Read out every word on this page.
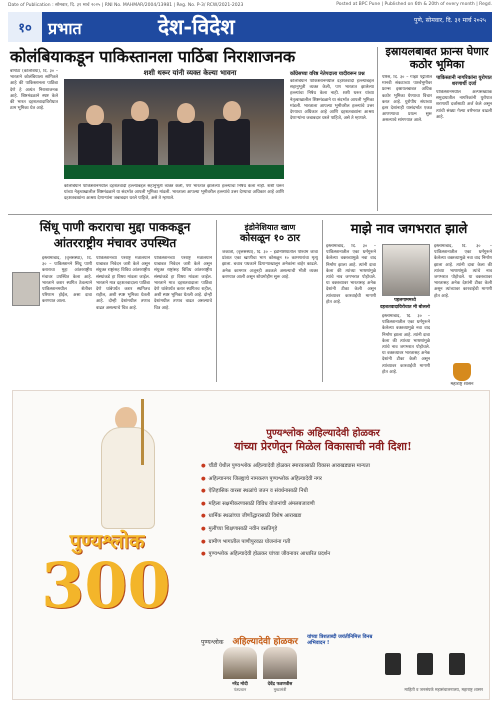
Date of Publication : सोमवार, दि. ३१ मार्च २०२५ | RNI No. MAHMAR/2004/13981 | Reg. No. P-3/ RCW/2021-2023	Posted at BPC Pune | Published on 6th & 20th of every month | Regd.
१०	प्रभात	देश-विदेश	पुणे, सोमवार, दि. ३१ मार्च २०२५
कोलंबियाकडून पाकिस्तानला पाठिंबा निराशाजनक
शशी थरूर यांनी व्यक्त केल्या भावना
बोगोटा (कोलंबिया), दि. ३० – भारताने कोलंबियाला सांगितले आहे की पाकिस्तानला पाठिंबा देणे हे अत्यंत निराशाजनक आहे. शिष्टमंडळाने स्पष्ट केले की भारत दहशतवादाविरोधात ठाम भूमिका घेत आहे.
काँग्रेसच्या वरिष्ठ नेतेपदाला यादीवरून प्रश्न
कोलंबियाने पाकिस्तानमधील दहशतवादी हल्ल्यांबद्दल सहानुभूती व्यक्त केली, पण भारतात झालेल्या हल्ल्यांचा निषेध केला नाही. शशी थरूर यांच्या नेतृत्वाखालील शिष्टमंडळाने या संदर्भात आपली भूमिका मांडली. भारताला आपल्या भूमीवरील हल्ल्यांचे उत्तर देण्याचा अधिकार आहे आणि दहशतवाद्यांना आश्रय देणाऱ्यांना जबाबदार धरले पाहिजे, असे ते म्हणाले.
कोलंबियाने पाकिस्तानमधील दहशतवादी हल्ल्यांबद्दल सहानुभूती व्यक्त केली, पण भारतात झालेल्या हल्ल्यांचा निषेध केला नाही. शशी थरूर यांच्या नेतृत्वाखालील शिष्टमंडळाने या संदर्भात आपली भूमिका मांडली. भारताला आपल्या भूमीवरील हल्ल्यांचे उत्तर देण्याचा अधिकार आहे आणि दहशतवाद्यांना आश्रय देणाऱ्यांना जबाबदार धरले पाहिजे, असे ते म्हणाले.
इस्रायलबाबत फ्रान्स घेणार कठोर भूमिका
पॅरिस, दि. ३० – गाझा पट्टीतील मानवी संकटाच्या पार्श्वभूमीवर फ्रान्स इस्रायलबाबत अधिक कठोर भूमिका घेण्याचा विचार करत आहे. युरोपीय संघाच्या इतर देशांनाही यासंदर्भात एकत्र आणण्याचा प्रयत्न सुरू असल्याचे सांगण्यात आले.
पाकिस्तानी नागरिकांना युरोपात शरणार्थी दर्जा
पाकिस्तानमधील अल्पसंख्याक समुदायातील नागरिकांनी युरोपात शरणार्थी दर्जासाठी अर्ज केले असून त्यांची संख्या गेल्या वर्षभरात वाढली आहे.
सिंधू पाणी कराराचा मुद्दा पाककडून
आंतरराष्ट्रीय मंचावर उपस्थित
इस्लामाबाद, (वृत्तसंस्था), दि. ३० – पाकिस्तानने सिंधू पाणी कराराचा मुद्दा आंतरराष्ट्रीय मंचावर उपस्थित केला आहे. भारताने करार स्थगित ठेवल्याने पाकिस्तानमधील शेतीवर परिणाम होईल, असा दावा करण्यात आला.
पाकिस्तानच्या परराष्ट्र मंत्रालयाने याबाबत निवेदन जारी केले असून संयुक्त राष्ट्रांसह विविध आंतरराष्ट्रीय संस्थांकडे हा विषय मांडला जाईल. भारताने मात्र दहशतवादाला पाठिंबा देणे थांबेपर्यंत करार स्थगितच राहील, अशी स्पष्ट भूमिका घेतली आहे. दोन्ही देशांमधील तणाव वाढत असल्याचे चित्र आहे.
पाकिस्तानच्या परराष्ट्र मंत्रालयाने याबाबत निवेदन जारी केले असून संयुक्त राष्ट्रांसह विविध आंतरराष्ट्रीय संस्थांकडे हा विषय मांडला जाईल. भारताने मात्र दहशतवादाला पाठिंबा देणे थांबेपर्यंत करार स्थगितच राहील, अशी स्पष्ट भूमिका घेतली आहे. दोन्ही देशांमधील तणाव वाढत असल्याचे चित्र आहे.
इंडोनेशियात खाण
कोसळून १० ठार
जकार्ता, (वृत्तसंस्था), दि. ३० – इंडोनेशियातील पश्चिम जावा प्रांतात एका खाणीचा भाग कोसळून १० कामगारांचा मृत्यू झाला. बचाव पथकाने ढिगाऱ्याखालून अनेकांना बाहेर काढले. अनेक कामगार अजूनही अडकले असल्याची भीती व्यक्त करण्यात आली असून शोधमोहीम सुरू आहे.
माझे नाव जगभरात झाले
इस्लामाबाद, दि. ३० – पाकिस्तानातील एका धर्मगुरूने केलेल्या वक्तव्यामुळे नवा वाद निर्माण झाला आहे. त्यांनी दावा केला की त्यांच्या भाषणांमुळे त्यांचे नाव जगभरात पोहोचले. या वक्तव्यावर भारतासह अनेक देशांनी टीका केली असून त्यांच्यावर कारवाईची मागणी होत आहे.	पहलगाममध्ये
दहशतवादाविरोधात मी बोललो
इस्लामाबाद, दि. ३० – पाकिस्तानातील एका धर्मगुरूने केलेल्या वक्तव्यामुळे नवा वाद निर्माण झाला आहे. त्यांनी दावा केला की त्यांच्या भाषणांमुळे त्यांचे नाव जगभरात पोहोचले. या वक्तव्यावर भारतासह अनेक देशांनी टीका केली असून त्यांच्यावर कारवाईची मागणी होत आहे.
इस्लामाबाद, दि. ३० – पाकिस्तानातील एका धर्मगुरूने केलेल्या वक्तव्यामुळे नवा वाद निर्माण झाला आहे. त्यांनी दावा केला की त्यांच्या भाषणांमुळे त्यांचे नाव जगभरात पोहोचले. या वक्तव्यावर भारतासह अनेक देशांनी टीका केली असून त्यांच्यावर कारवाईची मागणी होत आहे.
महाराष्ट्र शासन
पुण्यश्लोक अहिल्यादेवी होळकर
यांच्या प्रेरणेतून मिळेल विकासाची नवी दिशा!
पुण्यश्लोक
300
● चौंडी येथील पुण्यश्लोक अहिल्यादेवी होळकर स्मारकासाठी विकास आराखड्यास मान्यता
● अहिल्यानगर जिल्ह्याचे नामकरण पुण्यश्लोक अहिल्यादेवी नगर
● ऐतिहासिक वारसा स्थळांचे जतन व संवर्धनासाठी निधी
● महिला सक्षमीकरणासाठी विविध योजनांची अंमलबजावणी
● धार्मिक स्थळांच्या जीर्णोद्धारासाठी विशेष आराखडा
● मुलींच्या शिक्षणासाठी नवीन वसतिगृहे
● ग्रामीण भागातील पाणीपुरवठा योजनांना गती
● पुण्यश्लोक अहिल्यादेवी होळकर यांच्या जीवनावर आधारित प्रदर्शन
पुण्यश्लोक अहिल्यादेवी होळकर यांच्या त्रिशताब्दी जयंतीनिमित्त विनम्र अभिवादन !
नरेंद्र मोदी
पंतप्रधान
देवेंद्र फडणवीस
मुख्यमंत्री	माहिती व जनसंपर्क महासंचालनालय, महाराष्ट्र शासन
